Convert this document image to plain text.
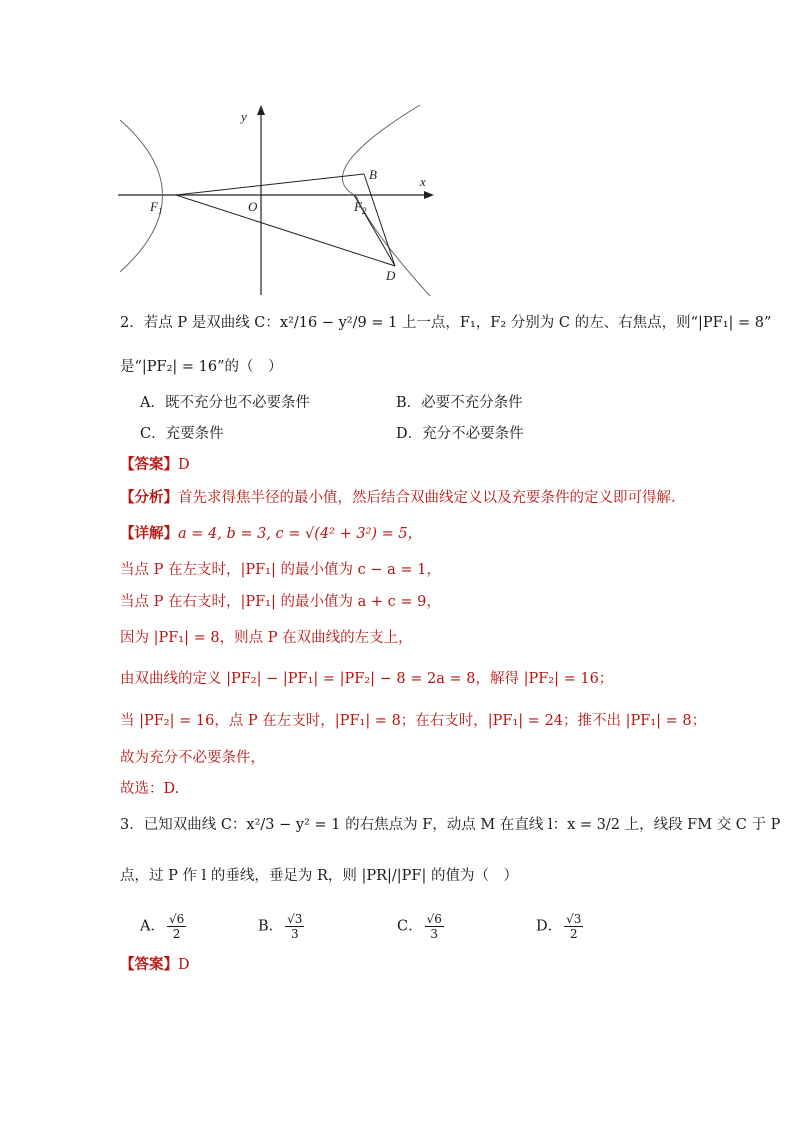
y
x
O
$F_1$	$F_2$
B
D
2．若点 P 是双曲线 C：x²/16 − y²/9 = 1 上一点，F₁，F₂ 分别为 C 的左、右焦点，则“|PF₁| = 8”
是“|PF₂| = 16”的（　）
A．既不充分也不必要条件	B．必要不充分条件
C．充要条件	D．充分不必要条件
【答案】D
【分析】首先求得焦半径的最小值，然后结合双曲线定义以及充要条件的定义即可得解.
【详解】a = 4, b = 3, c = √(4² + 3²) = 5，
当点 P 在左支时，|PF₁| 的最小值为 c − a = 1，
当点 P 在右支时，|PF₁| 的最小值为 a + c = 9，
因为 |PF₁| = 8，则点 P 在双曲线的左支上，
由双曲线的定义 |PF₂| − |PF₁| = |PF₂| − 8 = 2a = 8，解得 |PF₂| = 16；
当 |PF₂| = 16，点 P 在左支时，|PF₁| = 8；在右支时，|PF₁| = 24；推不出 |PF₁| = 8；
故为充分不必要条件，
故选：D.
3．已知双曲线 C：x²/3 − y² = 1 的右焦点为 F，动点 M 在直线 l：x = 3/2 上，线段 FM 交 C 于 P
点，过 P 作 l 的垂线，垂足为 R，则 |PR|/|PF| 的值为（　）
A． $\frac{√6}{2}$	B． $\frac{√3}{3}$	C． $\frac{√6}{3}$	D． $\frac{√3}{2}$
【答案】D
